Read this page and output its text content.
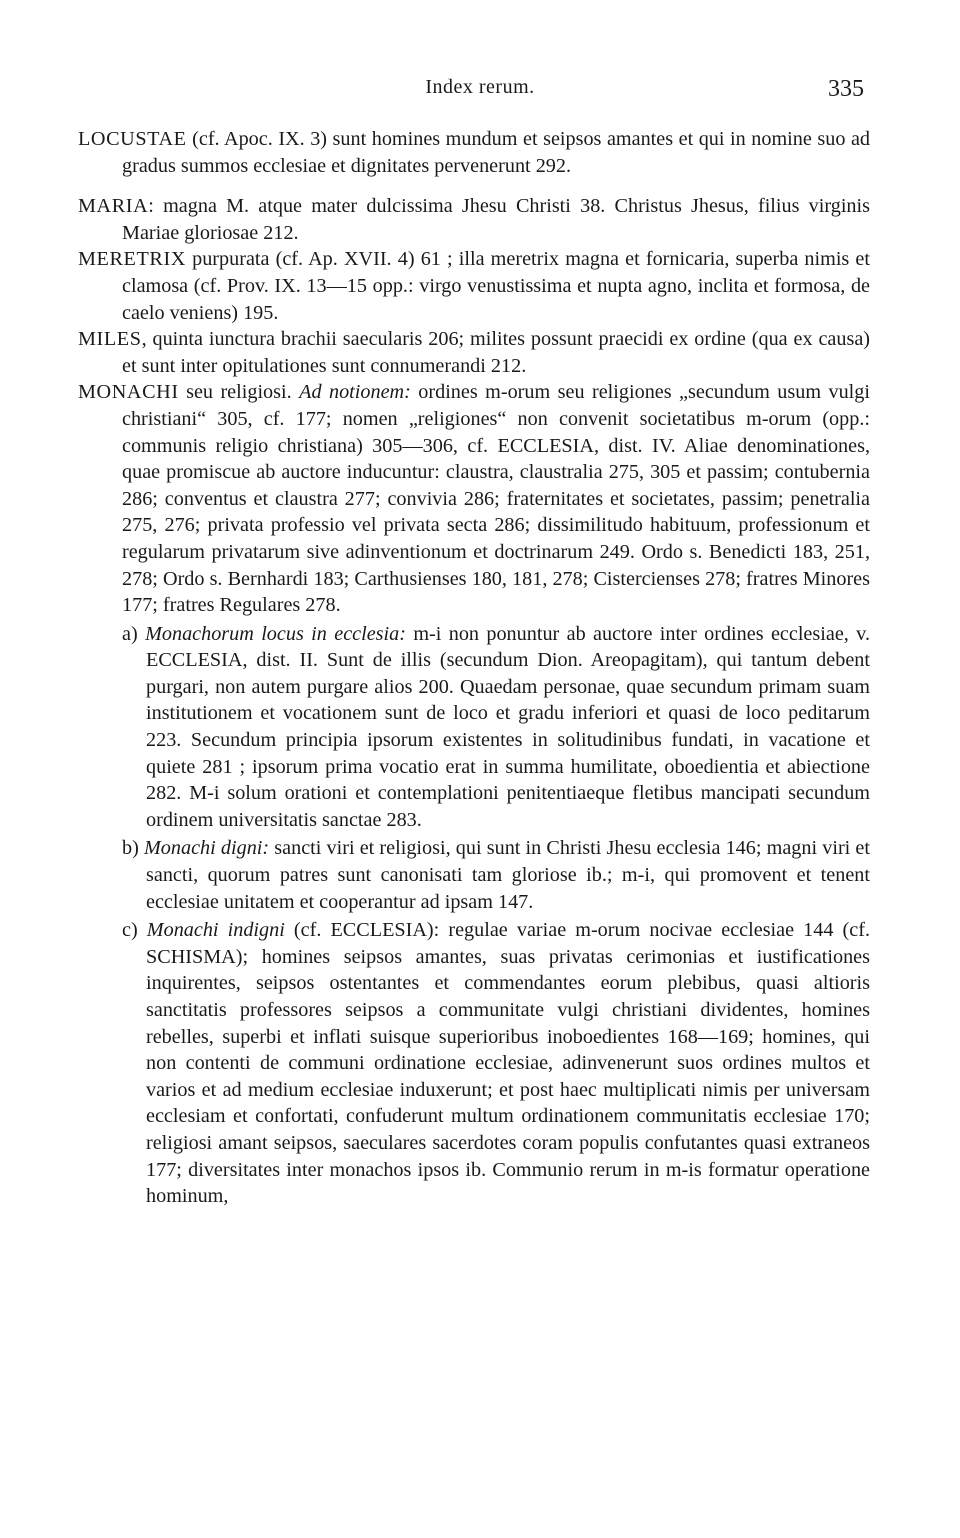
Index rerum.	335

LOCUSTAE (cf. Apoc. IX. 3) sunt homines mundum et seipsos amantes et qui in nomine suo ad gradus summos ecclesiae et dignitates pervenerunt 292.

MARIA: magna M. atque mater dulcissima Jhesu Christi 38. Christus Jhesus, filius virginis Mariae gloriosae 212.

MERETRIX purpurata (cf. Ap. XVII. 4) 61 ; illa meretrix magna et fornicaria, superba nimis et clamosa (cf. Prov. IX. 13—15 opp.: virgo venustissima et nupta agno, inclita et formosa, de caelo veniens) 195.

MILES, quinta iunctura brachii saecularis 206; milites possunt praecidi ex ordine (qua ex causa) et sunt inter opitulationes sunt connumerandi 212.

MONACHI seu religiosi. Ad notionem: ordines m-orum seu religiones „secundum usum vulgi christiani“ 305, cf. 177; nomen „religiones“ non convenit societatibus m-orum (opp.: communis religio christiana) 305—306, cf. ECCLESIA, dist. IV. Aliae denominationes, quae promiscue ab auctore inducuntur: claustra, claustralia 275, 305 et passim; contubernia 286; conventus et claustra 277; convivia 286; fraternitates et societates, passim; penetralia 275, 276; privata professio vel privata secta 286; dissimilitudo habituum, professionum et regularum privatarum sive adinventionum et doctrinarum 249. Ordo s. Benedicti 183, 251, 278; Ordo s. Bernhardi 183; Carthusienses 180, 181, 278; Cistercienses 278; fratres Minores 177; fratres Regulares 278.

a) Monachorum locus in ecclesia: m-i non ponuntur ab auctore inter ordines ecclesiae, v. ECCLESIA, dist. II. Sunt de illis (secundum Dion. Areopagitam), qui tantum debent purgari, non autem purgare alios 200. Quaedam personae, quae secundum primam suam institutionem et vocationem sunt de loco et gradu inferiori et quasi de loco peditarum 223. Secundum principia ipsorum existentes in solitudinibus fundati, in vacatione et quiete 281 ; ipsorum prima vocatio erat in summa humilitate, oboedientia et abiectione 282. M-i solum orationi et contemplationi penitentiaeque fletibus mancipati secundum ordinem universitatis sanctae 283.

b) Monachi digni: sancti viri et religiosi, qui sunt in Christi Jhesu ecclesia 146; magni viri et sancti, quorum patres sunt canonisati tam gloriose ib.; m-i, qui promovent et tenent ecclesiae unitatem et cooperantur ad ipsam 147.

c) Monachi indigni (cf. ECCLESIA): regulae variae m-orum nocivae ecclesiae 144 (cf. SCHISMA); homines seipsos amantes, suas privatas cerimonias et iustificationes inquirentes, seipsos ostentantes et commendantes eorum plebibus, quasi altioris sanctitatis professores seipsos a communitate vulgi christiani dividentes, homines rebelles, superbi et inflati suisque superioribus inoboedientes 168—169; homines, qui non contenti de communi ordinatione ecclesiae, adinvenerunt suos ordines multos et varios et ad medium ecclesiae induxerunt; et post haec multiplicati nimis per universam ecclesiam et confortati, confuderunt multum ordinationem communitatis ecclesiae 170; religiosi amant seipsos, saeculares sacerdotes coram populis confutantes quasi extraneos 177; diversitates inter monachos ipsos ib. Communio rerum in m-is formatur operatione hominum,
